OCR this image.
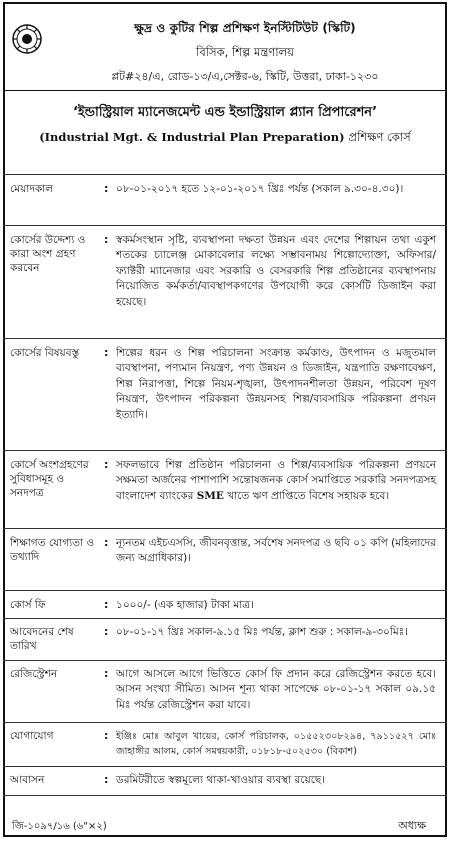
ক্ষুদ্র ও কুটির শিল্প প্রশিক্ষণ ইনস্টিটিউট (স্কিটি)
বিসিক, শিল্প মন্ত্রণালয়
প্লট#২৪/এ, রোড-১৩/এ,সেক্টর-৬, স্কিটি, উত্তরা, ঢাকা-১২৩০
‘ইন্ডাস্ট্রিয়াল ম্যানেজমেন্ট এন্ড ইন্ডাস্ট্রিয়াল প্ল্যান প্রিপারেশন’
(Industrial Mgt. & Industrial Plan Preparation) প্রশিক্ষণ কোর্স
মেয়াদকাল	: ০৮-০১-২০১৭ হতে ১২-০১-২০১৭ খ্রিঃ পর্যন্ত (সকাল ৯.৩০-৪.৩০)।
কোর্সের উদ্দেশ্য ও কারা অংশ গ্রহণ করবেন
: স্বকর্মসংস্থান সৃষ্টি, ব্যবস্থাপনা দক্ষতা উন্নয়ন এবং দেশের শিল্পায়ন তথা একুশ শতকের চ্যালেঞ্জ মোকাবেলার লক্ষ্যে সম্ভাবনাময় শিল্পোদ্যোক্তা, অফিসার/ ফ্যাক্টরী ম্যানেজার এবং সরকারি ও বেসরকারি শিল্প প্রতিষ্ঠানের ব্যবস্থাপনায় নিয়োজিত কর্মকর্তা/ব্যবস্থাপকগণের উপযোগী করে কোর্সটি ডিজাইন করা হয়েছে।
কোর্সের বিষয়বস্তু	: শিল্পের ধরন ও শিল্প পরিচালনা সংক্রান্ত কর্মকাণ্ড, উৎপাদন ও মজুতমাল ব্যবস্থাপনা, পণ্যমান নিয়ন্ত্রণ, পণ্য উন্নয়ন ও ডিজাইন, যন্ত্রপাতি রক্ষণাবেক্ষণ, শিল্প নিরাপত্তা, শিল্পে নিয়ম-শৃঙ্খলা, উৎপাদনশীলতা উন্নয়ন, পরিবেশ দূষণ নিয়ন্ত্রণ, উৎপাদন পরিকল্পনা উন্নয়নসহ শিল্প/ব্যবসায়িক পরিকল্পনা প্রণয়ন ইত্যাদি।
কোর্সে অংশগ্রহণের সুবিধাসমূহ ও সনদপত্র
: সফলভাবে শিল্প প্রতিষ্ঠান পরিচালনা ও শিল্প/ব্যবসায়িক পরিকল্পনা প্রণয়নে সক্ষমতা অর্জনের পাশাপাশি সন্তোষজনক কোর্স সমাপ্তিতে সরকারি সনদপত্রসহ বাংলাদেশ ব্যাংকের SME খাতে ঋণ প্রাপ্তিতে বিশেষ সহায়ক হবে।
শিক্ষাগত যোগ্যতা ও তথ্যাদি
: ন্যূনতম এইচএসসি, জীবনবৃত্তান্ত, সর্বশেষ সনদপত্র ও ছবি ০১ কপি (মহিলাদের জন্য অগ্রাধিকার)।
কোর্স ফি	: ১০০০/- (এক হাজার) টাকা মাত্র।
আবেদনের শেষ তারিখ
: ০৮-০১-১৭ খ্রিঃ সকাল-৯.১৫ মিঃ পর্যন্ত, ক্লাশ শুরু : সকাল-৯-৩০মিঃ।
রেজিস্ট্রেশন	: আগে আসলে আগে ভিত্তিতে কোর্স ফি প্রদান করে রেজিস্ট্রেশন করতে হবে। আসন সংখ্যা সীমিত। আসন শূন্য থাকা সাপেক্ষে ০৮-০১-১৭ সকাল ০৯.১৫ মিঃ পর্যন্ত রেজিস্ট্রেশন করা যাবে।
যোগাযোগ	: ইঞ্জিঃ মোঃ আবুল খায়ের, কোর্স পরিচালক, ০১৫৫২৩০৮২৯৪, ৭৯১১৫২৭ মোঃ জাহাঙ্গীর আলম, কোর্স সমন্বয়কারী, ০১৮১৮-৫০২৫৩০ (বিকাশ)
আবাসন	: ডরমিটরীতে স্বল্পমূল্যে থাকা-খাওয়ার ব্যবস্থা রয়েছে।
জি-১০৯৭/১৬ (৬"×২)	অধ্যক্ষ
